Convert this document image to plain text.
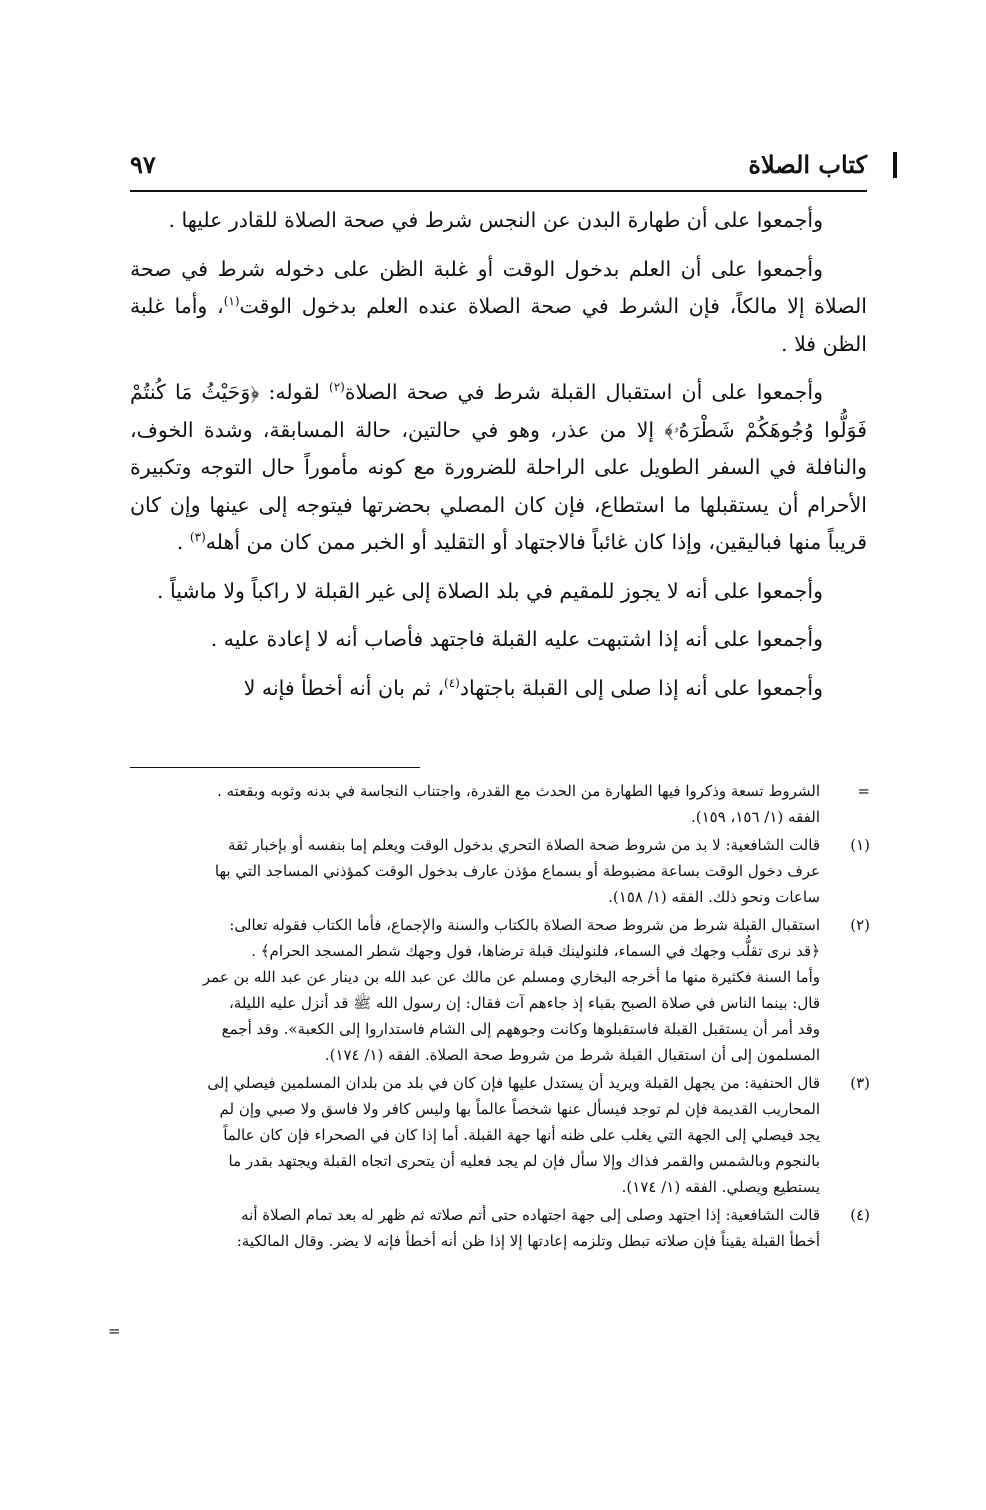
كتاب الصلاة
٩٧

وأجمعوا على أن طهارة البدن عن النجس شرط في صحة الصلاة للقادر عليها .

وأجمعوا على أن العلم بدخول الوقت أو غلبة الظن على دخوله شرط في صحة الصلاة إلا مالكاً، فإن الشرط في صحة الصلاة عنده العلم بدخول الوقت$^{(١)}$، وأما غلبة الظن فلا .

وأجمعوا على أن استقبال القبلة شرط في صحة الصلاة$^{(٢)}$ لقوله: ﴿وَحَيْثُ مَا كُنتُمْ فَوَلُّوا وُجُوهَكُمْ شَطْرَهُۥ﴾ إلا من عذر، وهو في حالتين، حالة المسابقة، وشدة الخوف، والنافلة في السفر الطويل على الراحلة للضرورة مع كونه مأموراً حال التوجه وتكبيرة الأحرام أن يستقبلها ما استطاع، فإن كان المصلي بحضرتها فيتوجه إلى عينها وإن كان قريباً منها فباليقين، وإذا كان غائباً فالاجتهاد أو التقليد أو الخبر ممن كان من أهله$^{(٣)}$ .

وأجمعوا على أنه لا يجوز للمقيم في بلد الصلاة إلى غير القبلة لا راكباً ولا ماشياً .

وأجمعوا على أنه إذا اشتبهت عليه القبلة فاجتهد فأصاب أنه لا إعادة عليه .

وأجمعوا على أنه إذا صلى إلى القبلة باجتهاد$^{(٤)}$، ثم بان أنه أخطأ فإنه لا

=
الشروط تسعة وذكروا فيها الطهارة من الحدث مع القدرة، واجتناب النجاسة في بدنه وثوبه وبقعته .
الفقه (١/ ١٥٦، ١٥٩).
(١)
قالت الشافعية: لا بد من شروط صحة الصلاة التحري بدخول الوقت ويعلم إما بنفسه أو بإخبار ثقة
عرف دخول الوقت بساعة مضبوطة أو بسماع مؤذن عارف بدخول الوقت كمؤذني المساجد التي بها
ساعات ونحو ذلك. الفقه (١/ ١٥٨).
(٢)
استقبال القبلة شرط من شروط صحة الصلاة بالكتاب والسنة والإجماع، فأما الكتاب فقوله تعالى:
﴿قد نرى تقلُّب وجهك في السماء، فلنولينك قبلة ترضاها، فول وجهك شطر المسجد الحرام﴾ .
وأما السنة فكثيرة منها ما أخرجه البخاري ومسلم عن مالك عن عبد الله بن دينار عن عبد الله بن عمر
قال: بينما الناس في صلاة الصبح بقباء إذ جاءهم آت فقال: إن رسول الله ﷺ قد أنزل عليه الليلة،
وقد أمر أن يستقبل القبلة فاستقبلوها وكانت وجوههم إلى الشام فاستداروا إلى الكعبة». وقد أجمع
المسلمون إلى أن استقبال القبلة شرط من شروط صحة الصلاة. الفقه (١/ ١٧٤).
(٣)
قال الحنفية: من يجهل القبلة ويريد أن يستدل عليها فإن كان في بلد من بلدان المسلمين فيصلي إلى
المحاريب القديمة فإن لم توجد فيسأل عنها شخصاً عالماً بها وليس كافر ولا فاسق ولا صبي وإن لم
يجد فيصلي إلى الجهة التي يغلب على ظنه أنها جهة القبلة. أما إذا كان في الصحراء فإن كان عالماً
بالنجوم وبالشمس والقمر فذاك وإلا سأل فإن لم يجد فعليه أن يتحرى اتجاه القبلة ويجتهد بقدر ما
يستطيع ويصلي. الفقه (١/ ١٧٤).
(٤)
قالت الشافعية: إذا اجتهد وصلى إلى جهة اجتهاده حتى أتم صلاته ثم ظهر له بعد تمام الصلاة أنه
أخطأ القبلة يقيناً فإن صلاته تبطل وتلزمه إعادتها إلا إذا ظن أنه أخطأ فإنه لا يضر. وقال المالكية:
=
